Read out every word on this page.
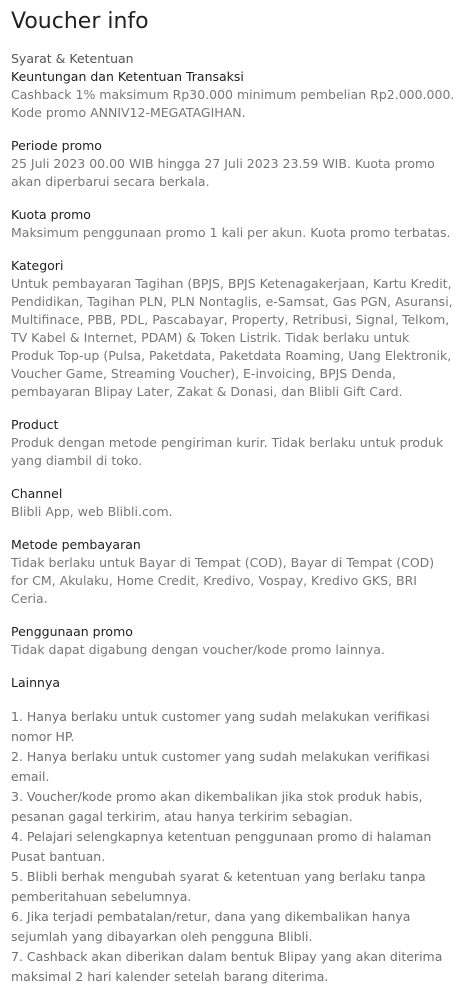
Voucher info

Syarat & Ketentuan

Keuntungan dan Ketentuan Transaksi

Cashback 1% maksimum Rp30.000 minimum pembelian Rp2.000.000. Kode promo ANNIV12-MEGATAGIHAN.

Periode promo

25 Juli 2023 00.00 WIB hingga 27 Juli 2023 23.59 WIB. Kuota promo akan diperbarui secara berkala.

Kuota promo

Maksimum penggunaan promo 1 kali per akun. Kuota promo terbatas.

Kategori

Untuk pembayaran Tagihan (BPJS, BPJS Ketenagakerjaan, Kartu Kredit, Pendidikan, Tagihan PLN, PLN Nontaglis, e-Samsat, Gas PGN, Asuransi, Multifinace, PBB, PDL, Pascabayar, Property, Retribusi, Signal, Telkom, TV Kabel & Internet, PDAM) & Token Listrik. Tidak berlaku untuk Produk Top-up (Pulsa, Paketdata, Paketdata Roaming, Uang Elektronik, Voucher Game, Streaming Voucher), E-invoicing, BPJS Denda, pembayaran Blipay Later, Zakat & Donasi, dan Blibli Gift Card.

Product

Produk dengan metode pengiriman kurir. Tidak berlaku untuk produk yang diambil di toko.

Channel

Blibli App, web Blibli.com.

Metode pembayaran

Tidak berlaku untuk Bayar di Tempat (COD), Bayar di Tempat (COD) for CM, Akulaku, Home Credit, Kredivo, Vospay, Kredivo GKS, BRI Ceria.

Penggunaan promo

Tidak dapat digabung dengan voucher/kode promo lainnya.

Lainnya

1. Hanya berlaku untuk customer yang sudah melakukan verifikasi nomor HP.
2. Hanya berlaku untuk customer yang sudah melakukan verifikasi email.
3. Voucher/kode promo akan dikembalikan jika stok produk habis, pesanan gagal terkirim, atau hanya terkirim sebagian.
4. Pelajari selengkapnya ketentuan penggunaan promo di halaman Pusat bantuan.
5. Blibli berhak mengubah syarat & ketentuan yang berlaku tanpa pemberitahuan sebelumnya.
6. Jika terjadi pembatalan/retur, dana yang dikembalikan hanya sejumlah yang dibayarkan oleh pengguna Blibli.
7. Cashback akan diberikan dalam bentuk Blipay yang akan diterima maksimal 2 hari kalender setelah barang diterima.
